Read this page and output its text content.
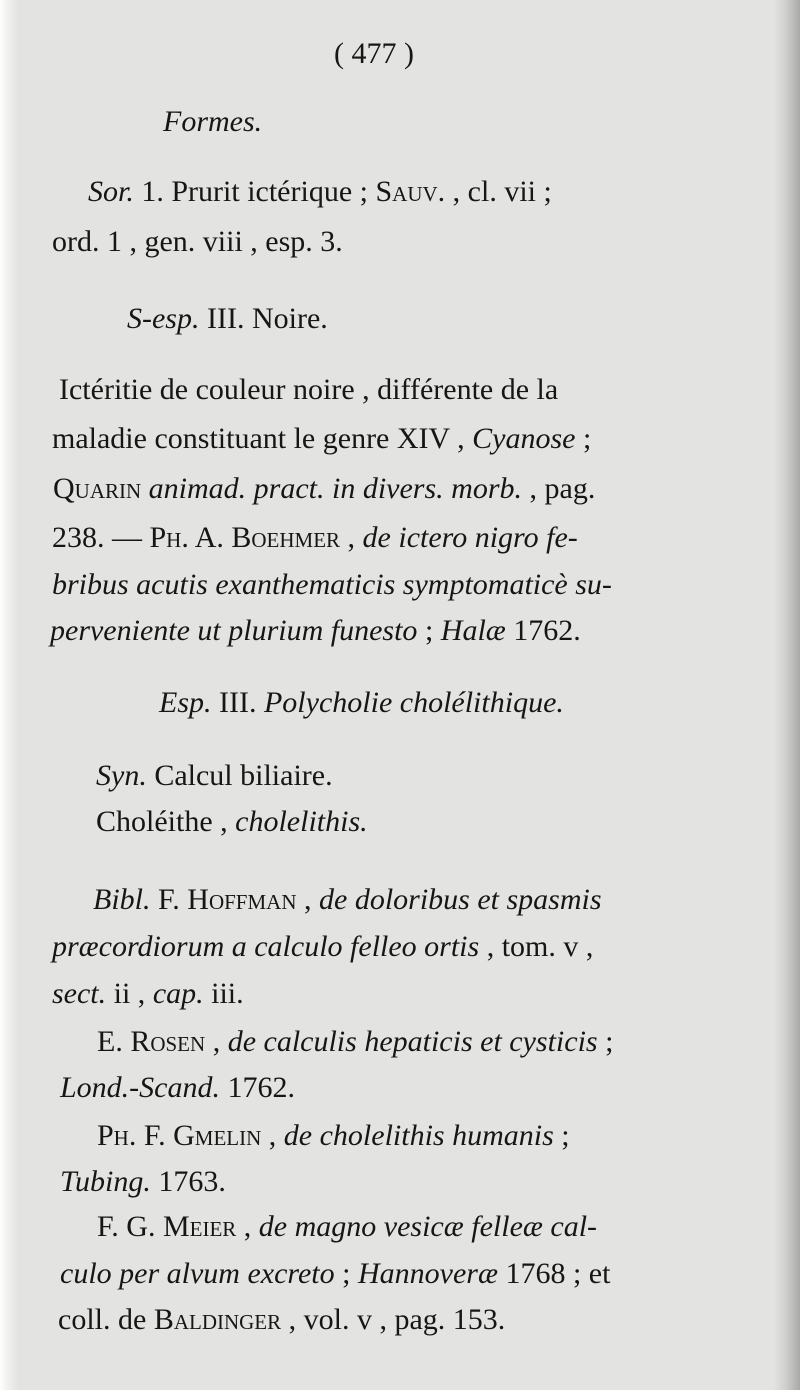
( 477 )
Formes.
Sor. 1. Prurit ictérique ; Sauv. , cl. vii ;
ord. 1 , gen. viii , esp. 3.
S-esp. III. Noire.
Ictéritie de couleur noire , différente de la
maladie constituant le genre XIV , Cyanose ;
Quarin animad. pract. in divers. morb. , pag.
238. — Ph. A. Boehmer , de ictero nigro fe-
bribus acutis exanthematicis symptomaticè su-
perveniente ut plurium funesto ; Halæ 1762.
Esp. III. Polycholie cholélithique.
Syn. Calcul biliaire.
Choléithe , cholelithis.
Bibl. F. Hoffman , de doloribus et spasmis
præcordiorum a calculo felleo ortis , tom. v ,
sect. ii , cap. iii.
E. Rosen , de calculis hepaticis et cysticis ;
Lond.-Scand. 1762.
Ph. F. Gmelin , de cholelithis humanis ;
Tubing. 1763.
F. G. Meier , de magno vesicæ felleæ cal-
culo per alvum excreto ; Hannoveræ 1768 ; et
coll. de Baldinger , vol. v , pag. 153.
